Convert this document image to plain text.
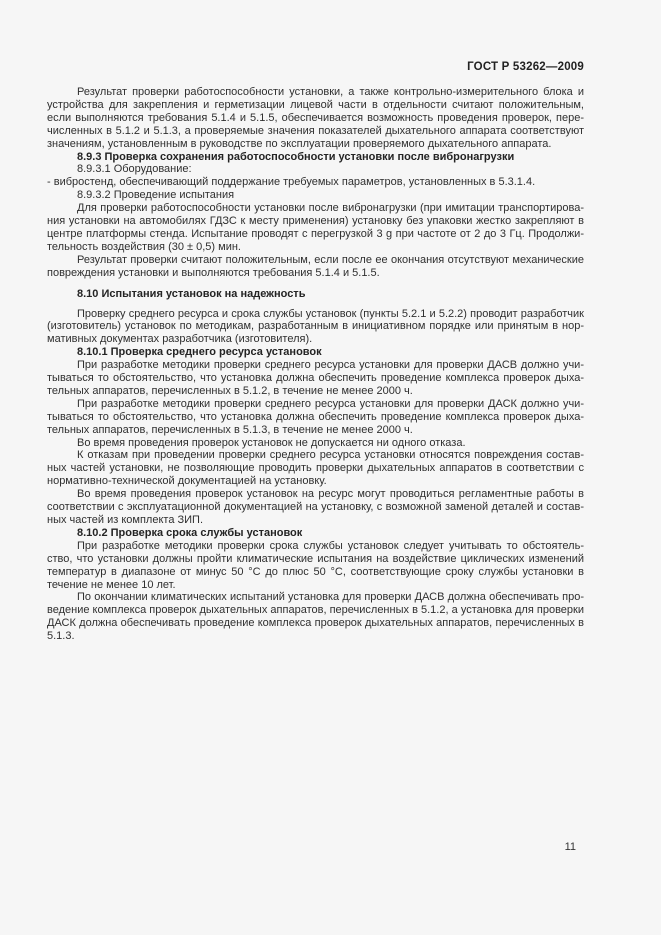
ГОСТ Р 53262—2009

Результат проверки работоспособности установки, а также контрольно-измерительного блока и устройства для закрепления и герметизации лицевой части в отдельности считают положительным, если выполняются требования 5.1.4 и 5.1.5, обеспечивается возможность проведения проверок, перечисленных в 5.1.2 и 5.1.3, а проверяемые значения показателей дыхательного аппарата соответствуют значениям, установленным в руководстве по эксплуатации проверяемого дыхательного аппарата.

8.9.3 Проверка сохранения работоспособности установки после вибронагрузки

8.9.3.1 Оборудование:

- вибростенд, обеспечивающий поддержание требуемых параметров, установленных в 5.3.1.4.

8.9.3.2 Проведение испытания

Для проверки работоспособности установки после вибронагрузки (при имитации транспортирования установки на автомобилях ГДЗС к месту применения) установку без упаковки жестко закрепляют в центре платформы стенда. Испытание проводят с перегрузкой 3 g при частоте от 2 до 3 Гц. Продолжительность воздействия (30 ± 0,5) мин.

Результат проверки считают положительным, если после ее окончания отсутствуют механические повреждения установки и выполняются требования 5.1.4 и 5.1.5.

8.10 Испытания установок на надежность

Проверку среднего ресурса и срока службы установок (пункты 5.2.1 и 5.2.2) проводит разработчик (изготовитель) установок по методикам, разработанным в инициативном порядке или принятым в нормативных документах разработчика (изготовителя).

8.10.1 Проверка среднего ресурса установок

При разработке методики проверки среднего ресурса установки для проверки ДАСВ должно учитываться то обстоятельство, что установка должна обеспечить проведение комплекса проверок дыхательных аппаратов, перечисленных в 5.1.2, в течение не менее 2000 ч.

При разработке методики проверки среднего ресурса установки для проверки ДАСК должно учитываться то обстоятельство, что установка должна обеспечить проведение комплекса проверок дыхательных аппаратов, перечисленных в 5.1.3, в течение не менее 2000 ч.

Во время проведения проверок установок не допускается ни одного отказа.

К отказам при проведении проверки среднего ресурса установки относятся повреждения составных частей установки, не позволяющие проводить проверки дыхательных аппаратов в соответствии с нормативно-технической документацией на установку.

Во время проведения проверок установок на ресурс могут проводиться регламентные работы в соответствии с эксплуатационной документацией на установку, с возможной заменой деталей и составных частей из комплекта ЗИП.

8.10.2 Проверка срока службы установок

При разработке методики проверки срока службы установок следует учитывать то обстоятельство, что установки должны пройти климатические испытания на воздействие циклических изменений температур в диапазоне от минус 50 °С до плюс 50 °С, соответствующие сроку службы установки в течение не менее 10 лет.

По окончании климатических испытаний установка для проверки ДАСВ должна обеспечивать проведение комплекса проверок дыхательных аппаратов, перечисленных в 5.1.2, а установка для проверки ДАСК должна обеспечивать проведение комплекса проверок дыхательных аппаратов, перечисленных в 5.1.3.

11
